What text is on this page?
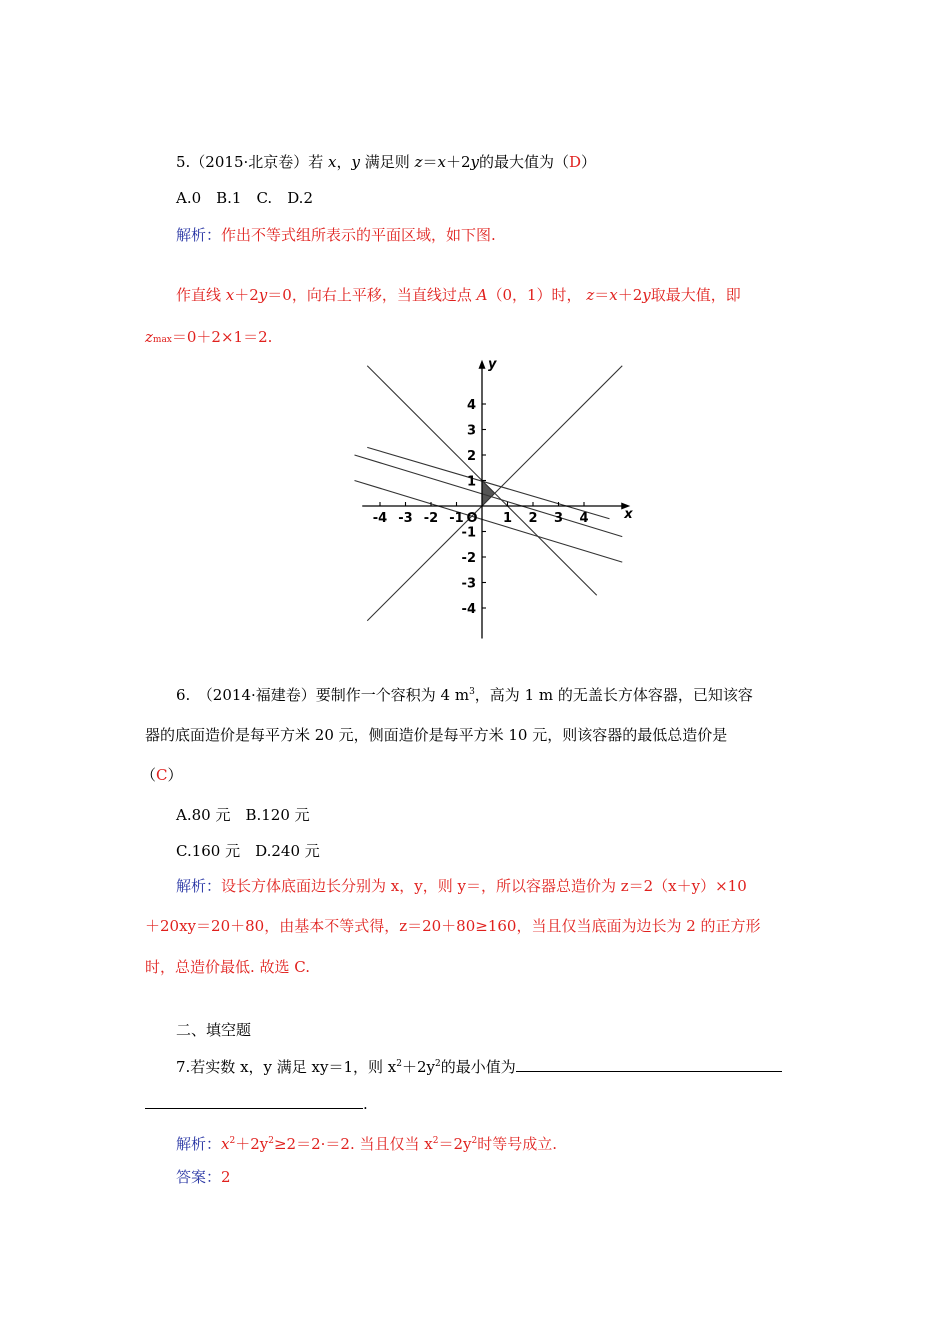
5.（2015·北京卷）若 x，y 满足则 z＝x＋2y的最大值为（D）
A.0　B.1　C.　D.2
解析：作出不等式组所表示的平面区域，如下图.
作直线 x＋2y＝0，向右上平移，当直线过点 A（0，1）时， z＝x＋2y取最大值，即
zmax＝0＋2×1＝2.
-4 -3 -2 -1	1 2 3 4
4
3
2
1
-1
-2
-3
-4
O	x
y
6.　（2014·福建卷）要制作一个容积为 4 $m^3$，高为 1 m 的无盖长方体容器，已知该容
器的底面造价是每平方米 20 元，侧面造价是每平方米 10 元，则该容器的最低总造价是
（C）
A.80 元　B.120 元
C.160 元　D.240 元
解析：设长方体底面边长分别为 x，y，则 y＝，所以容器总造价为 z＝2（x＋y）×10
＋20xy＝20＋80，由基本不等式得，z＝20＋80≥160，当且仅当底面为边长为 2 的正方形
时，总造价最低. 故选 C.
二、填空题
7.若实数 x，y 满足 xy＝1，则 $x^2+2y^2$的最小值为
.
解析：$x^2+2y^2\ge 2=2\cdot=2$. 当且仅当 $x^2=2y^2$时等号成立.
答案：2
